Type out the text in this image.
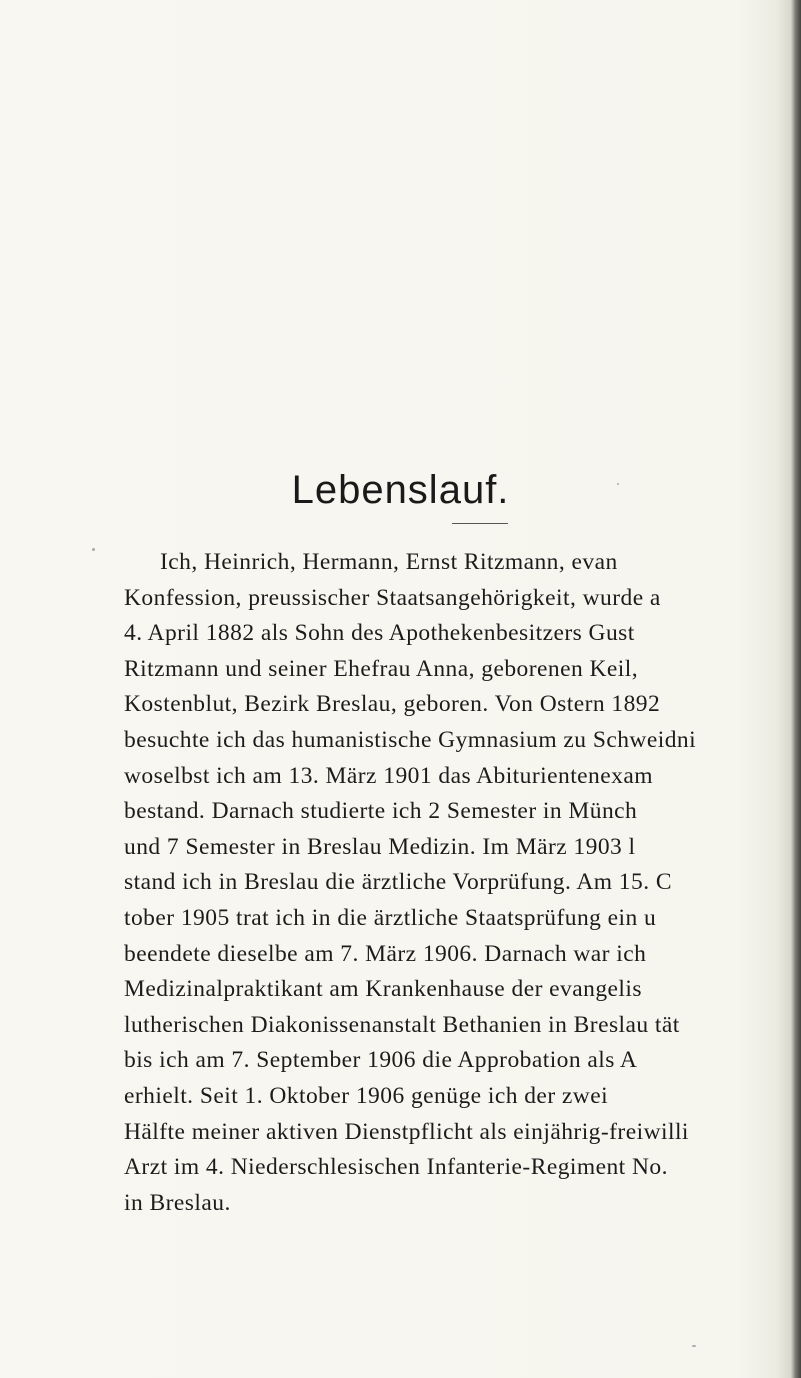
Lebenslauf.
Ich, Heinrich, Hermann, Ernst Ritzmann, evan
Konfession, preussischer Staatsangehörigkeit, wurde a
4. April 1882 als Sohn des Apothekenbesitzers Gust
Ritzmann und seiner Ehefrau Anna, geborenen Keil,
Kostenblut, Bezirk Breslau, geboren. Von Ostern 1892
besuchte ich das humanistische Gymnasium zu Schweidni
woselbst ich am 13. März 1901 das Abiturientenexam
bestand. Darnach studierte ich 2 Semester in Münch
und 7 Semester in Breslau Medizin. Im März 1903 l
stand ich in Breslau die ärztliche Vorprüfung. Am 15. C
tober 1905 trat ich in die ärztliche Staatsprüfung ein u
beendete dieselbe am 7. März 1906. Darnach war ich
Medizinalpraktikant am Krankenhause der evangelis
lutherischen Diakonissenanstalt Bethanien in Breslau tät
bis ich am 7. September 1906 die Approbation als A
erhielt. Seit 1. Oktober 1906 genüge ich der zwei
Hälfte meiner aktiven Dienstpflicht als einjährig-freiwilli
Arzt im 4. Niederschlesischen Infanterie-Regiment No.
in Breslau.
